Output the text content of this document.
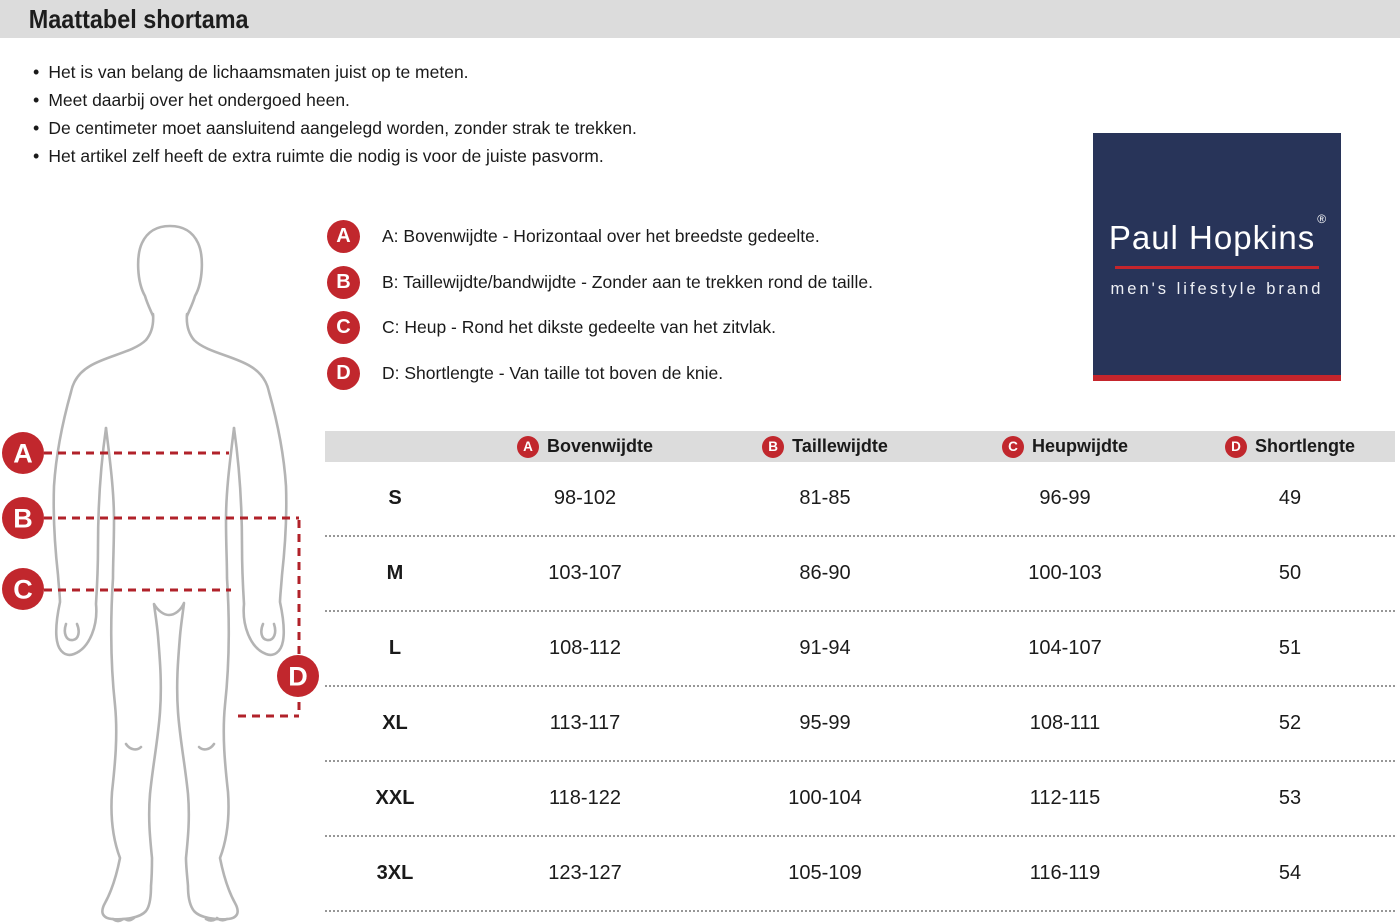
Maattabel shortama
• Het is van belang de lichaamsmaten juist op te meten.
• Meet daarbij over het ondergoed heen.
• De centimeter moet aansluitend aangelegd worden, zonder strak te trekken.
• Het artikel zelf heeft de extra ruimte die nodig is voor de juiste pasvorm.
A	A: Bovenwijdte - Horizontaal over het breedste gedeelte.
B	B: Taillewijdte/bandwijdte - Zonder aan te trekken rond de taille.
C	C: Heup - Rond het dikste gedeelte van het zitvlak.
D	D: Shortlengte - Van taille tot boven de knie.
Paul Hopkins ®
men's lifestyle brand
A
B
C
D
A Bovenwijdte	B Taillewijdte	C Heupwijdte	D Shortlengte
S	98-102	81-85	96-99	49
M	103-107	86-90	100-103	50
L	108-112	91-94	104-107	51
XL	113-117	95-99	108-111	52
XXL	118-122	100-104	112-115	53
3XL	123-127	105-109	116-119	54
